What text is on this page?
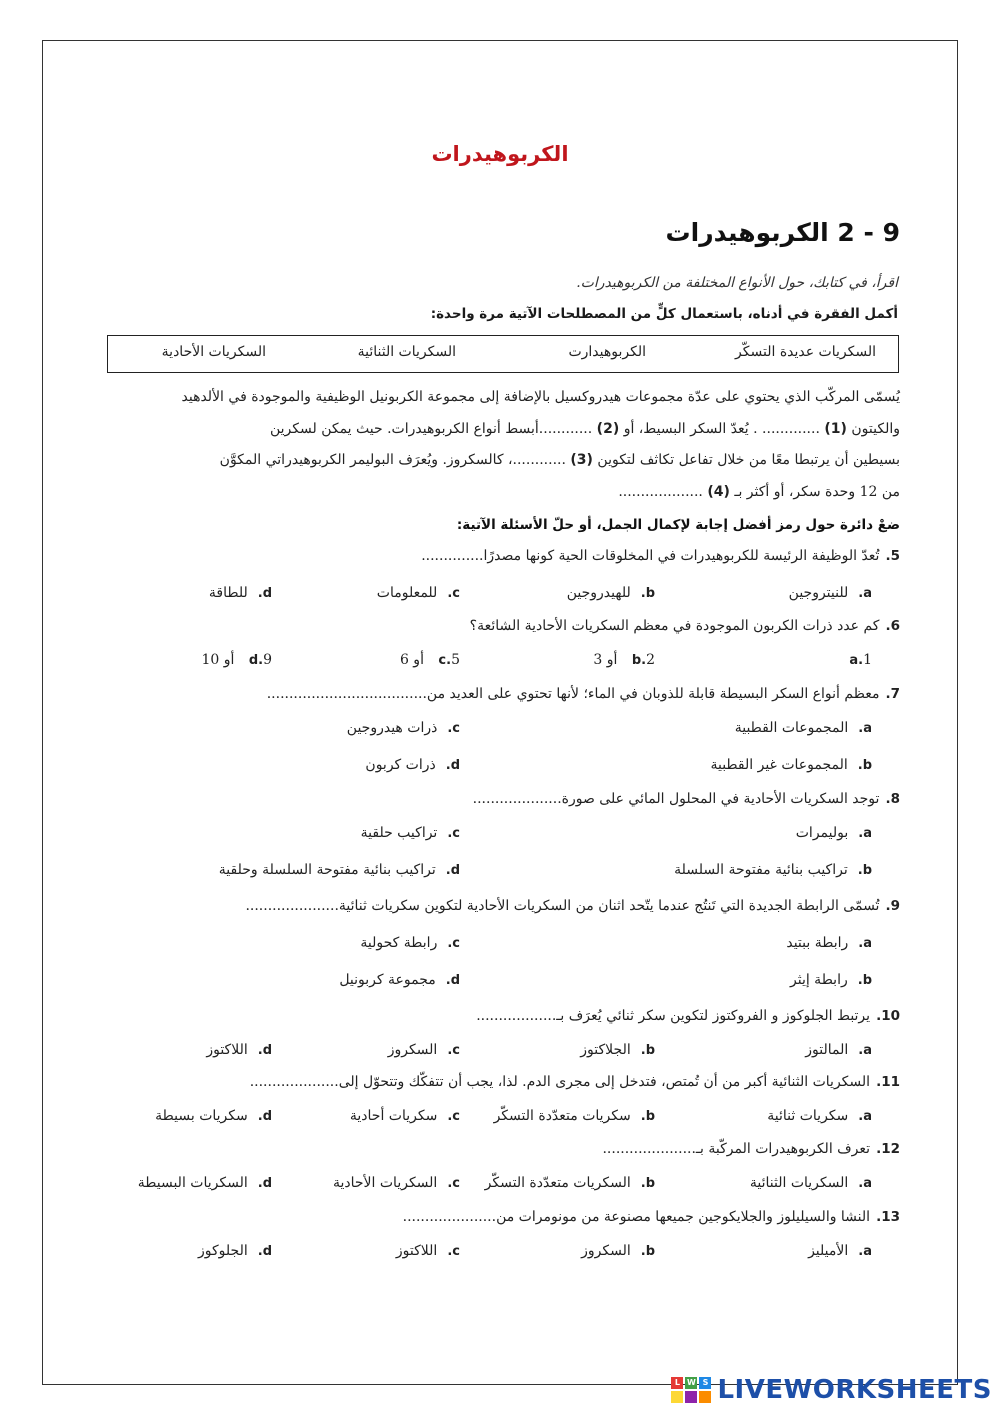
الكربوهيدرات
9 - 2 الكربوهيدرات
اقرأ، في كتابك، حول الأنواع المختلفة من الكربوهيدرات.
أكمل الفقرة في أدناه، باستعمال كلٍّ من المصطلحات الآتية مرة واحدة:
السكريات عديدة التسكّر
الكربوهيدارت
السكريات الثنائية
السكريات الأحادية
يُسمّى المركّب الذي يحتوي على عدّة مجموعات هيدروكسيل بالإضافة إلى مجموعة الكربونيل الوظيفية والموجودة في الألدهيد
والكيتون (1) ............. . يُعدّ السكر البسيط، أو (2) ............أبسط أنواع الكربوهيدرات. حيث يمكن لسكرين
بسيطين أن يرتبطا معًا من خلال تفاعل تكاثف لتكوين (3) ............، كالسكروز. ويُعرَف البوليمر الكربوهيدراتي المكوَّن
من 12 وحدة سكر، أو أكثر بـ (4) ...................
ضعْ دائرة حول رمز أفضل إجابة لإكمال الجمل، أو حلّ الأسئلة الآتية:
5.تُعدّ الوظيفة الرئيسة للكربوهيدرات في المخلوقات الحية كونها مصدرًا..............
a.للنيتروجين
b.للهيدروجين
c.للمعلومات
d.للطاقة
6.كم عدد ذرات الكربون الموجودة في معظم السكريات الأحادية الشائعة؟
a.1
b.2 أو 3
c.5 أو 6
d.9 أو 10
7.معظم أنواع السكر البسيطة قابلة للذوبان في الماء؛ لأنها تحتوي على العديد من....................................
a.المجموعات القطبية
c.ذرات هيدروجين
b.المجموعات غير القطبية
d.ذرات كربون
8.توجد السكريات الأحادية في المحلول المائي على صورة....................
a.بوليمرات
c.تراكيب حلقية
b.تراكيب بنائية مفتوحة السلسلة
d.تراكيب بنائية مفتوحة السلسلة وحلقية
9.تُسمّى الرابطة الجديدة التي تَنتُج عندما يتّحد اثنان من السكريات الأحادية لتكوين سكريات ثنائية.....................
a.رابطة ببتيد
c.رابطة كحولية
b.رابطة إيثر
d.مجموعة كربونيل
10.يرتبط الجلوكوز و الفروكتوز لتكوين سكر ثنائي يُعرَف بـ..................
a.المالتوز
b.الجلاكتوز
c.السكروز
d.اللاكتوز
11.السكريات الثنائية أكبر من أن تُمتص، فتدخل إلى مجرى الدم. لذا، يجب أن تتفكّك وتتحوّل إلى....................
a.سكريات ثنائية
b.سكريات متعدّدة التسكّر
c.سكريات أحادية
d.سكريات بسيطة
12.تعرف الكربوهيدرات المركّبة بـ.....................
a.السكريات الثنائية
b.السكريات متعدّدة التسكّر
c.السكريات الأحادية
d.السكريات البسيطة
13.النشا والسيليلوز والجلايكوجين جميعها مصنوعة من مونومرات من.....................
a.الأميليز
b.السكروز
c.اللاكتوز
d.الجلوكوز
L W S LIVEWORKSHEETS
